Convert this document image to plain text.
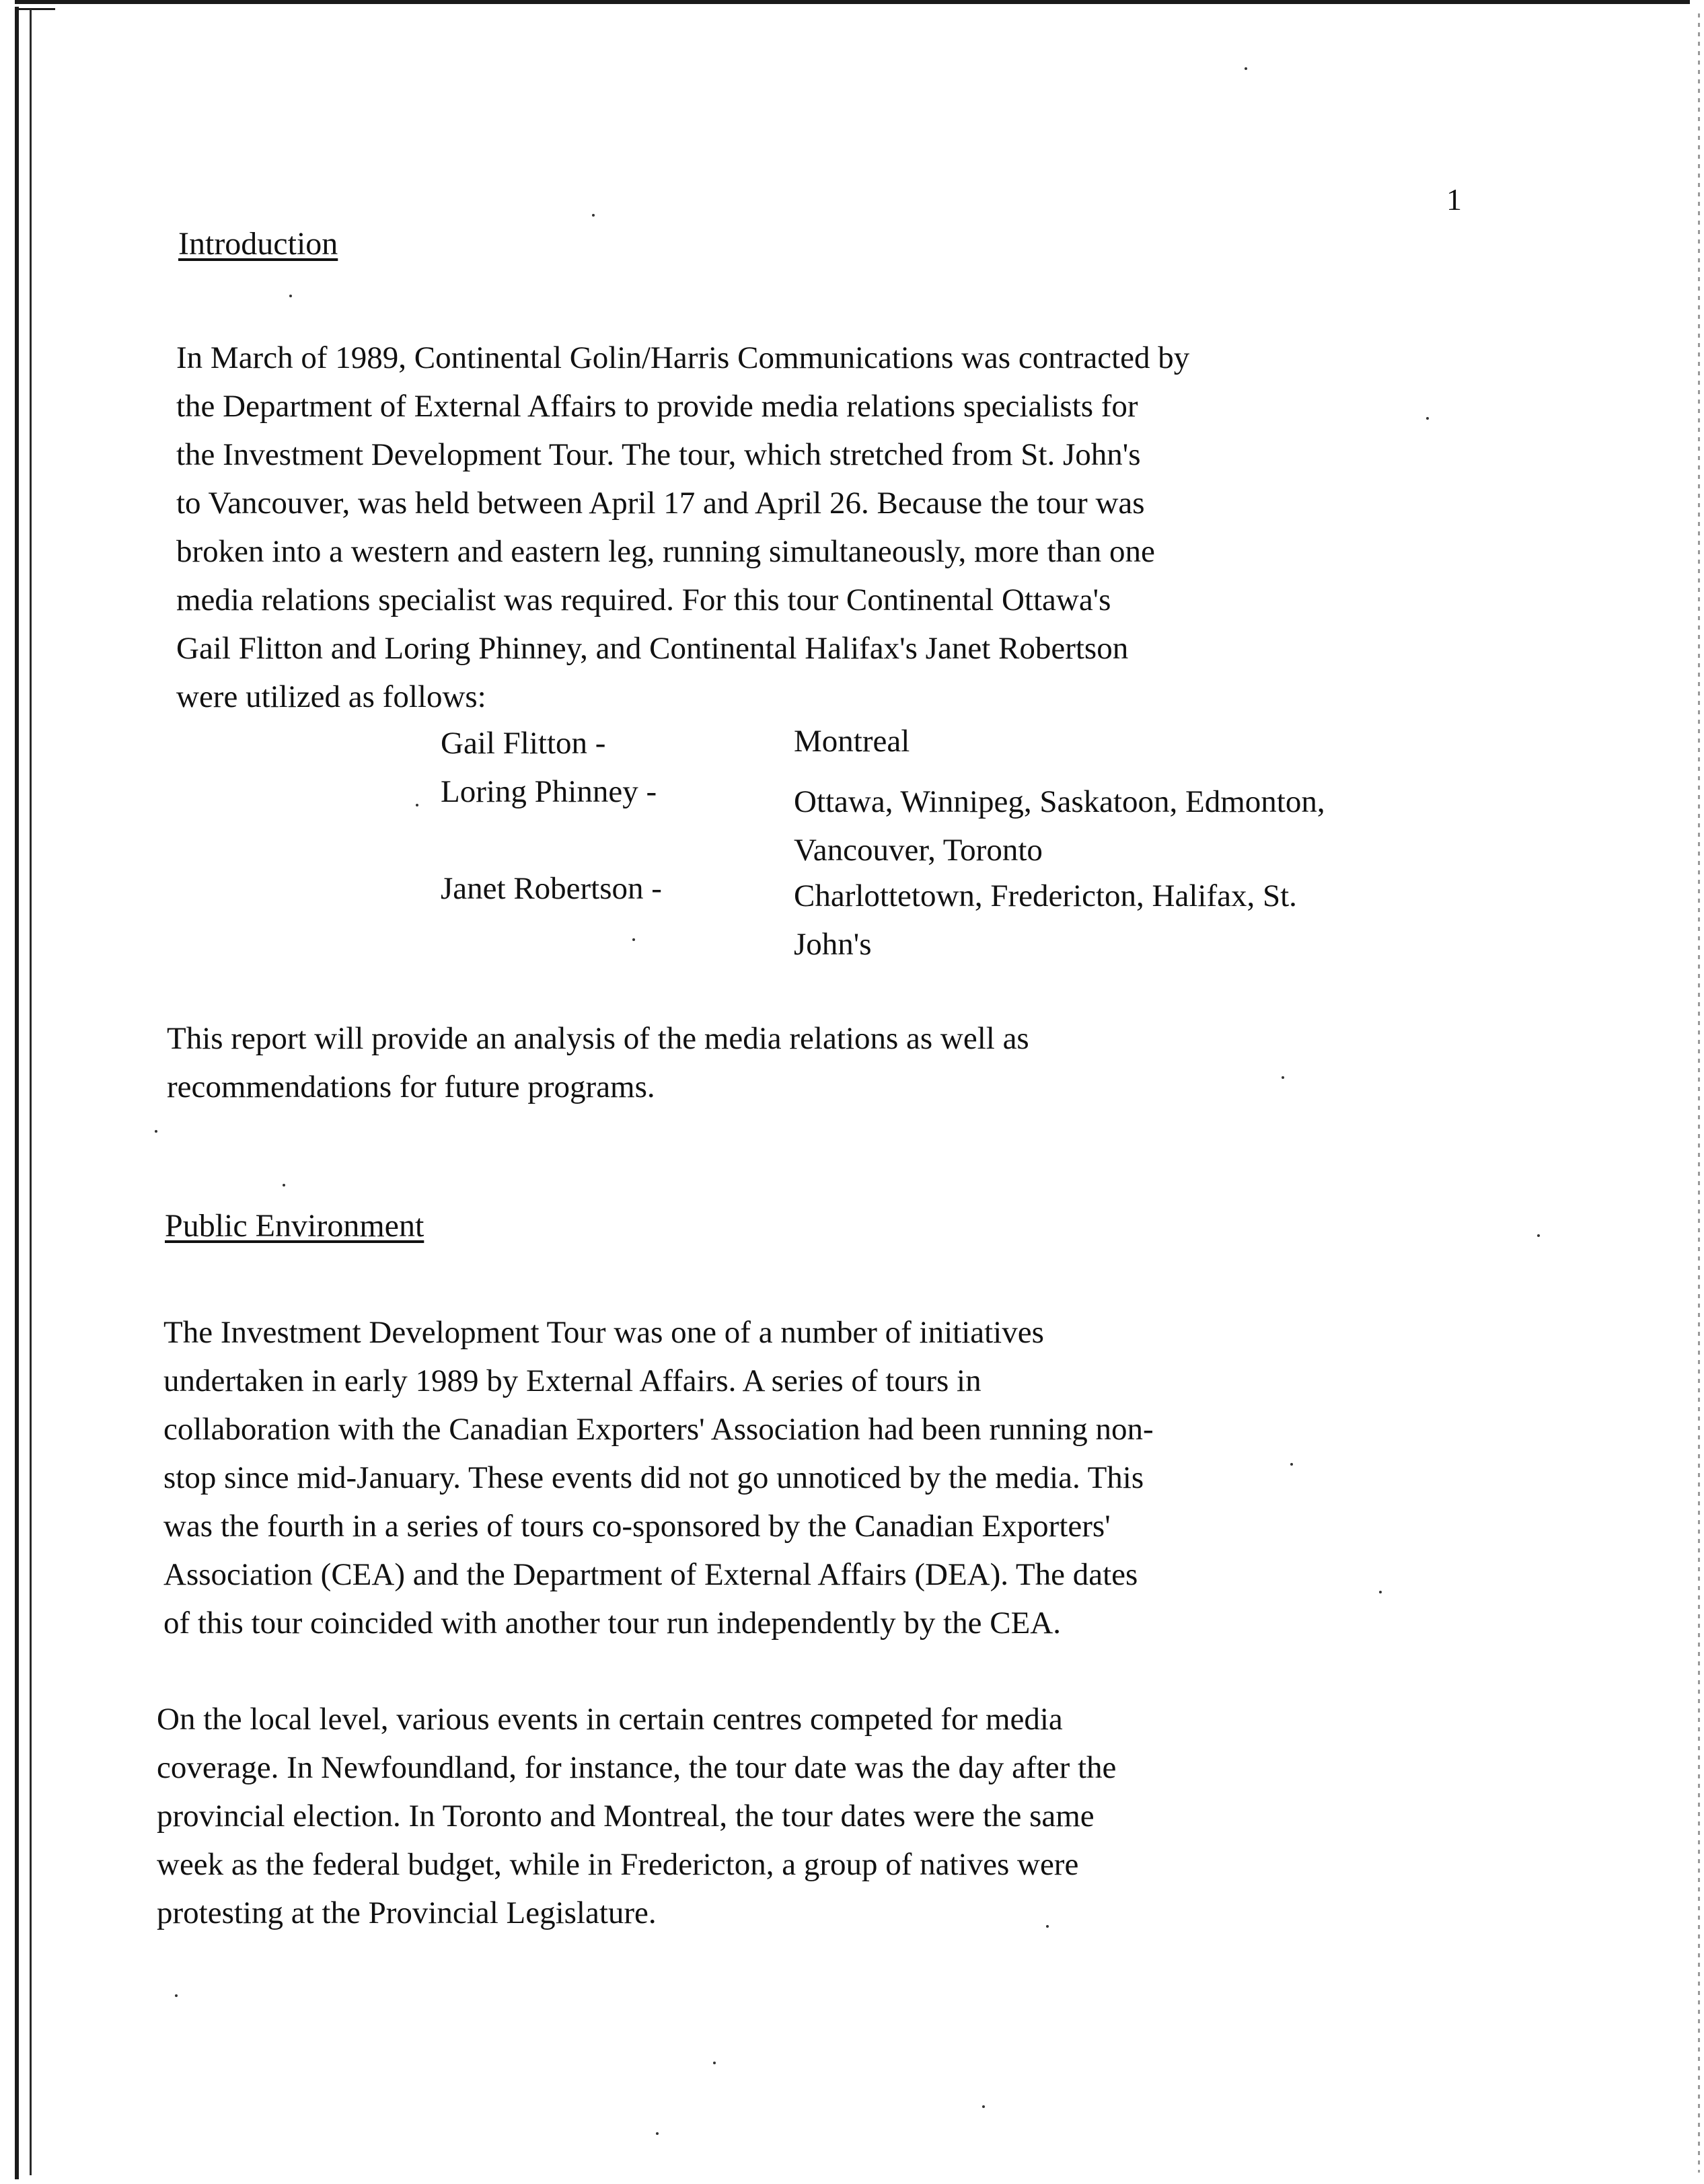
1
Introduction
In March of 1989, Continental Golin/Harris Communications was contracted by
the Department of External Affairs to provide media relations specialists for
the Investment Development Tour. The tour, which stretched from St. John's
to Vancouver, was held between April 17 and April 26. Because the tour was
broken into a western and eastern leg, running simultaneously, more than one
media relations specialist was required. For this tour Continental Ottawa's
Gail Flitton and Loring Phinney, and Continental Halifax's Janet Robertson
were utilized as follows:
Gail Flitton -	Montreal
Loring Phinney -	Ottawa, Winnipeg, Saskatoon, Edmonton,
Vancouver, Toronto
Janet Robertson -	Charlottetown, Fredericton, Halifax, St.
John's
This report will provide an analysis of the media relations as well as
recommendations for future programs.
Public Environment
The Investment Development Tour was one of a number of initiatives
undertaken in early 1989 by External Affairs. A series of tours in
collaboration with the Canadian Exporters' Association had been running non-
stop since mid-January. These events did not go unnoticed by the media. This
was the fourth in a series of tours co-sponsored by the Canadian Exporters'
Association (CEA) and the Department of External Affairs (DEA). The dates
of this tour coincided with another tour run independently by the CEA.
On the local level, various events in certain centres competed for media
coverage. In Newfoundland, for instance, the tour date was the day after the
provincial election. In Toronto and Montreal, the tour dates were the same
week as the federal budget, while in Fredericton, a group of natives were
protesting at the Provincial Legislature.
